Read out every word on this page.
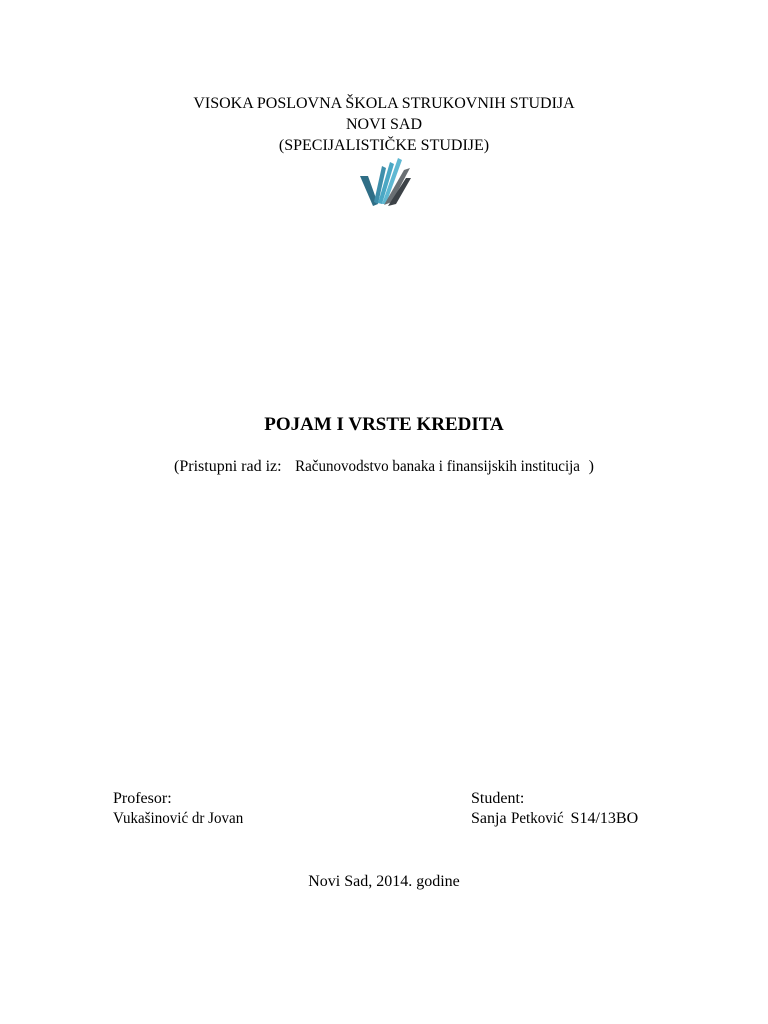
VISOKA POSLOVNA ŠKOLA STRUKOVNIH STUDIJA
NOVI SAD
(SPECIJALISTIČKE STUDIJE)
POJAM I VRSTE KREDITA
(Pristupni rad iz: Računovodstvo banaka i finansijskih institucija )
Profesor:
Vukašinović dr Jovan
Student:
Sanja Petković S14/13BO
Novi Sad, 2014. godine
